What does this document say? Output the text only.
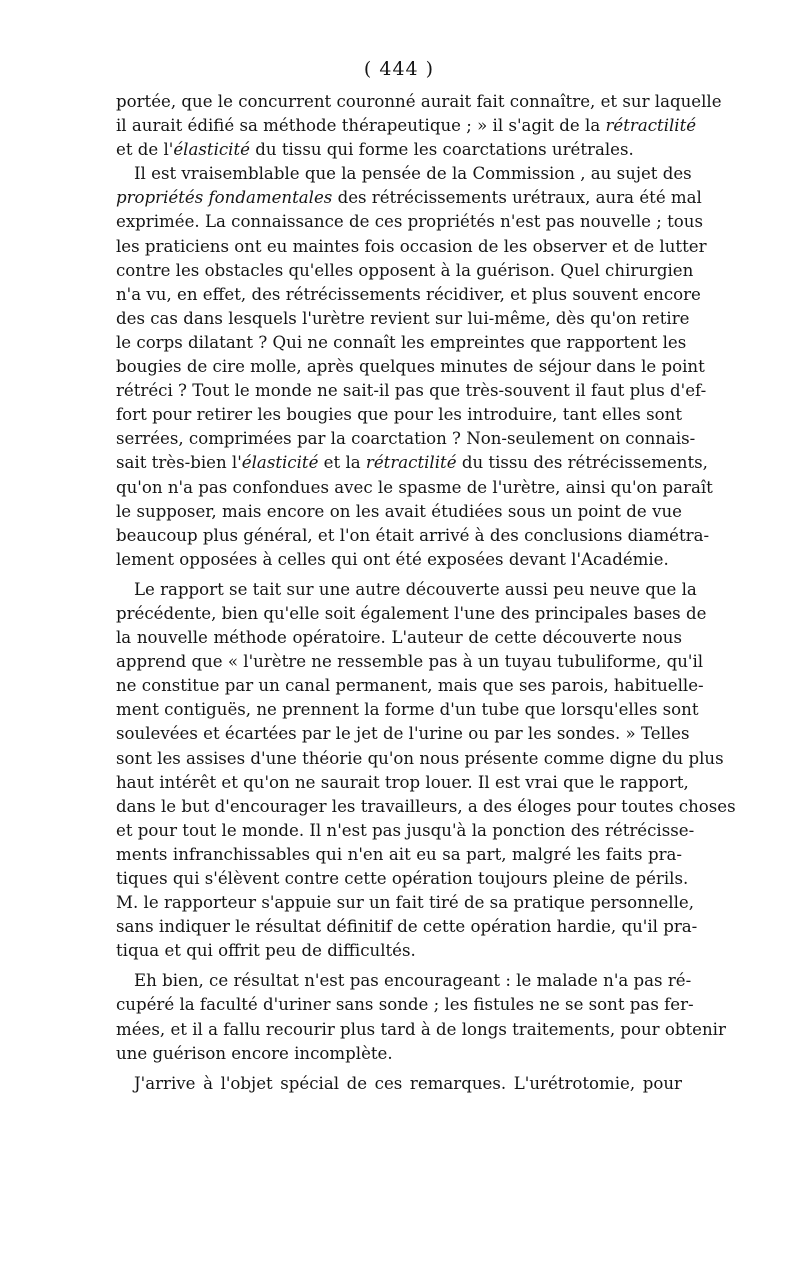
( 444 )
portée, que le concurrent couronné aurait fait connaître, et sur laquelle
il aurait édifié sa méthode thérapeutique ; » il s'agit de la rétractilité
et de l'élasticité du tissu qui forme les coarctations urétrales.
Il est vraisemblable que la pensée de la Commission , au sujet des
propriétés fondamentales des rétrécissements urétraux, aura été mal
exprimée. La connaissance de ces propriétés n'est pas nouvelle ; tous
les praticiens ont eu maintes fois occasion de les observer et de lutter
contre les obstacles qu'elles opposent à la guérison. Quel chirurgien
n'a vu, en effet, des rétrécissements récidiver, et plus souvent encore
des cas dans lesquels l'urètre revient sur lui-même, dès qu'on retire
le corps dilatant ? Qui ne connaît les empreintes que rapportent les
bougies de cire molle, après quelques minutes de séjour dans le point
rétréci ? Tout le monde ne sait-il pas que très-souvent il faut plus d'ef-
fort pour retirer les bougies que pour les introduire, tant elles sont
serrées, comprimées par la coarctation ? Non-seulement on connais-
sait très-bien l'élasticité et la rétractilité du tissu des rétrécissements,
qu'on n'a pas confondues avec le spasme de l'urètre, ainsi qu'on paraît
le supposer, mais encore on les avait étudiées sous un point de vue
beaucoup plus général, et l'on était arrivé à des conclusions diamétra-
lement opposées à celles qui ont été exposées devant l'Académie.
Le rapport se tait sur une autre découverte aussi peu neuve que la
précédente, bien qu'elle soit également l'une des principales bases de
la nouvelle méthode opératoire. L'auteur de cette découverte nous
apprend que « l'urètre ne ressemble pas à un tuyau tubuliforme, qu'il
ne constitue par un canal permanent, mais que ses parois, habituelle-
ment contiguës, ne prennent la forme d'un tube que lorsqu'elles sont
soulevées et écartées par le jet de l'urine ou par les sondes. » Telles
sont les assises d'une théorie qu'on nous présente comme digne du plus
haut intérêt et qu'on ne saurait trop louer. Il est vrai que le rapport,
dans le but d'encourager les travailleurs, a des éloges pour toutes choses
et pour tout le monde. Il n'est pas jusqu'à la ponction des rétrécisse-
ments infranchissables qui n'en ait eu sa part, malgré les faits pra-
tiques qui s'élèvent contre cette opération toujours pleine de périls.
M. le rapporteur s'appuie sur un fait tiré de sa pratique personnelle,
sans indiquer le résultat définitif de cette opération hardie, qu'il pra-
tiqua et qui offrit peu de difficultés.
Eh bien, ce résultat n'est pas encourageant : le malade n'a pas ré-
cupéré la faculté d'uriner sans sonde ; les fistules ne se sont pas fer-
mées, et il a fallu recourir plus tard à de longs traitements, pour obtenir
une guérison encore incomplète.
J'arrive à l'objet spécial de ces remarques. L'urétrotomie, pour
